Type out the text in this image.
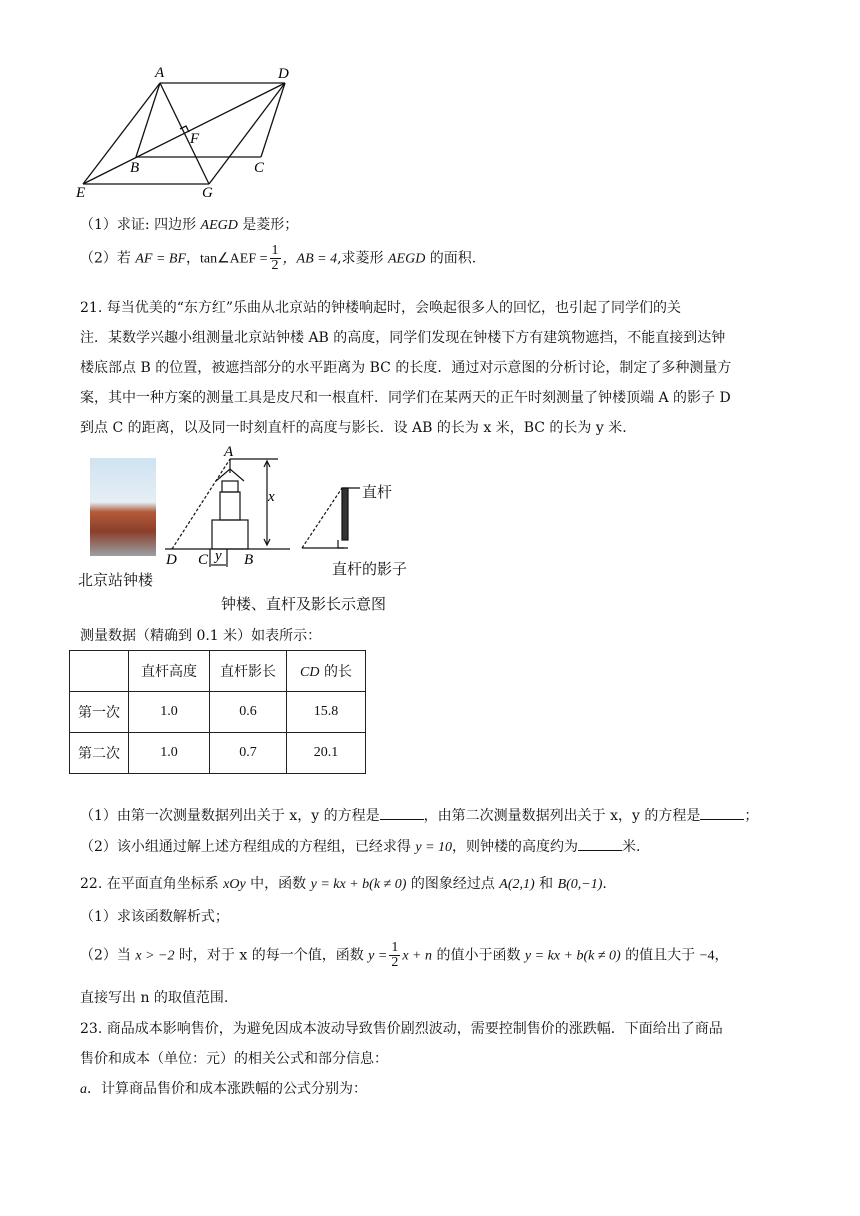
A	D
F
B	C
E	G
（1）求证: 四边形 AEGD 是菱形；
（2）若 AF = BF，tan∠AEF = $\frac{1}{2}$ ，AB = 4,求菱形 AEGD 的面积.
21. 每当优美的“东方红”乐曲从北京站的钟楼响起时，会唤起很多人的回忆，也引起了同学们的关
注．某数学兴趣小组测量北京站钟楼 AB 的高度，同学们发现在钟楼下方有建筑物遮挡，不能直接到达钟
楼底部点 B 的位置，被遮挡部分的水平距离为 BC 的长度．通过对示意图的分析讨论，制定了多种测量方
案，其中一种方案的测量工具是皮尺和一根直杆．同学们在某两天的正午时刻测量了钟楼顶端 A 的影子 D
到点 C 的距离，以及同一时刻直杆的高度与影长．设 AB 的长为 x 米，BC 的长为 y 米.
北京站钟楼
A
x
D C y B
直杆
直杆的影子
钟楼、直杆及影长示意图
测量数据（精确到 0.1 米）如表所示：
	直杆高度	直杆影长	CD 的长
第一次	1.0	0.6	15.8
第二次	1.0	0.7	20.1
（1）由第一次测量数据列出关于 x，y 的方程是	，由第二次测量数据列出关于 x，y 的方程是	；
（2）该小组通过解上述方程组成的方程组，已经求得 y = 10，则钟楼的高度约为	米.
22. 在平面直角坐标系 xOy 中，函数 y = kx + b(k ≠ 0) 的图象经过点 A(2,1) 和 B(0,−1).
（1）求该函数解析式；
（2）当 x > −2 时，对于 x 的每一个值，函数 $y = \frac{1}{2}$ x + n 的值小于函数 y = kx + b(k ≠ 0) 的值且大于 −4，
直接写出 n 的取值范围.
23. 商品成本影响售价，为避免因成本波动导致售价剧烈波动，需要控制售价的涨跌幅．下面给出了商品
售价和成本（单位：元）的相关公式和部分信息：
a．计算商品售价和成本涨跌幅的公式分别为：
